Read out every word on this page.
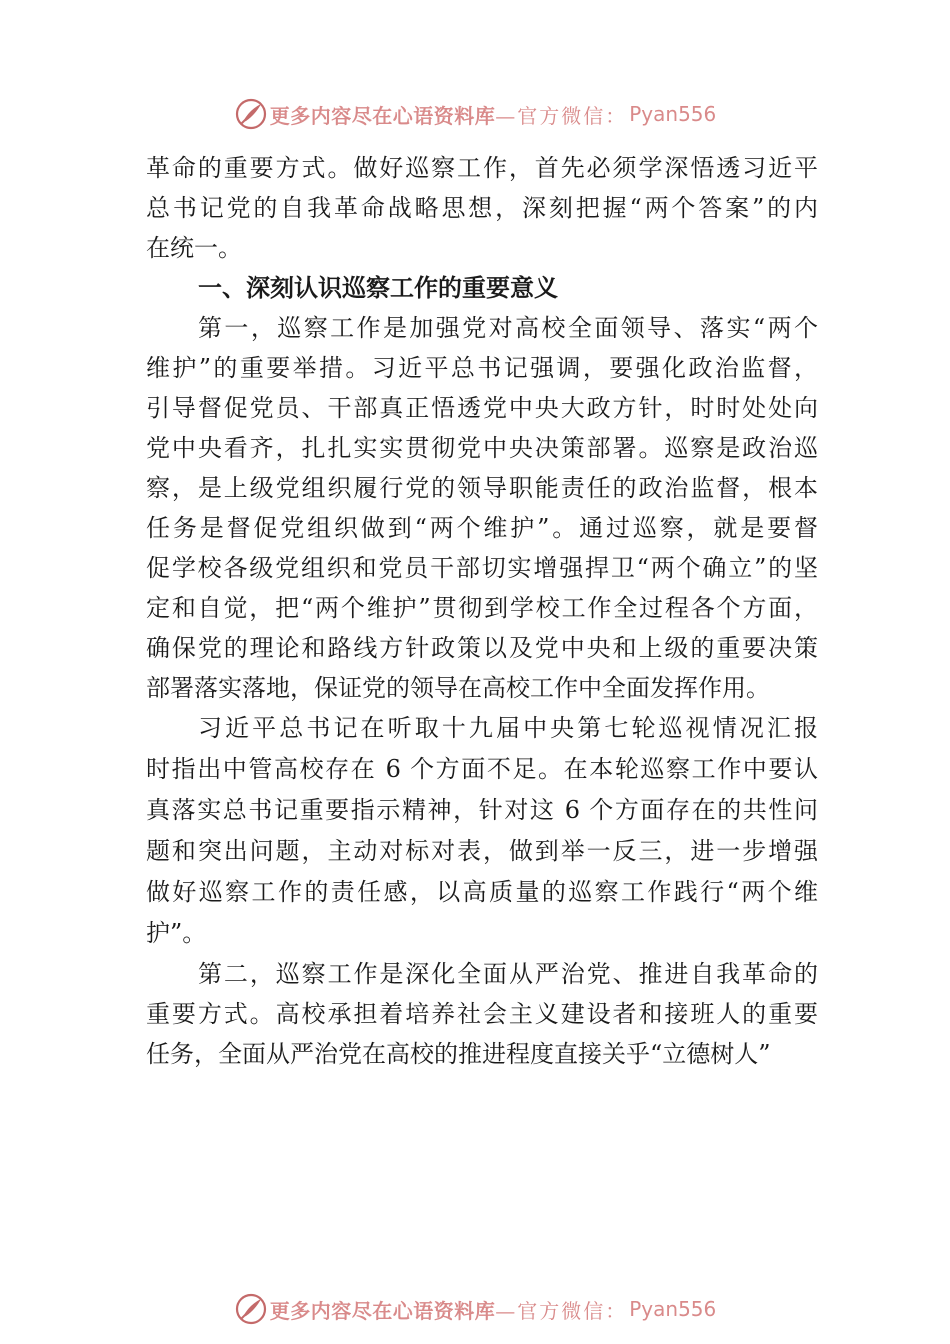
更多内容尽在心语资料库 —官方微信： Pyan556
革命的重要方式。做好巡察工作，首先必须学深悟透习近平
总书记党的自我革命战略思想，深刻把握“两个答案”的内
在统一。
一、深刻认识巡察工作的重要意义
第一，巡察工作是加强党对高校全面领导、落实“两个
维护”的重要举措。习近平总书记强调，要强化政治监督，
引导督促党员、干部真正悟透党中央大政方针，时时处处向
党中央看齐，扎扎实实贯彻党中央决策部署。巡察是政治巡
察，是上级党组织履行党的领导职能责任的政治监督，根本
任务是督促党组织做到“两个维护”。通过巡察，就是要督
促学校各级党组织和党员干部切实增强捍卫“两个确立”的坚
定和自觉，把“两个维护”贯彻到学校工作全过程各个方面，
确保党的理论和路线方针政策以及党中央和上级的重要决策
部署落实落地，保证党的领导在高校工作中全面发挥作用。
习近平总书记在听取十九届中央第七轮巡视情况汇报
时指出中管高校存在 6 个方面不足。在本轮巡察工作中要认
真落实总书记重要指示精神，针对这 6 个方面存在的共性问
题和突出问题，主动对标对表，做到举一反三，进一步增强
做好巡察工作的责任感，以高质量的巡察工作践行“两个维
护”。
第二，巡察工作是深化全面从严治党、推进自我革命的
重要方式。高校承担着培养社会主义建设者和接班人的重要
任务，全面从严治党在高校的推进程度直接关乎“立德树人”
更多内容尽在心语资料库 —官方微信： Pyan556
